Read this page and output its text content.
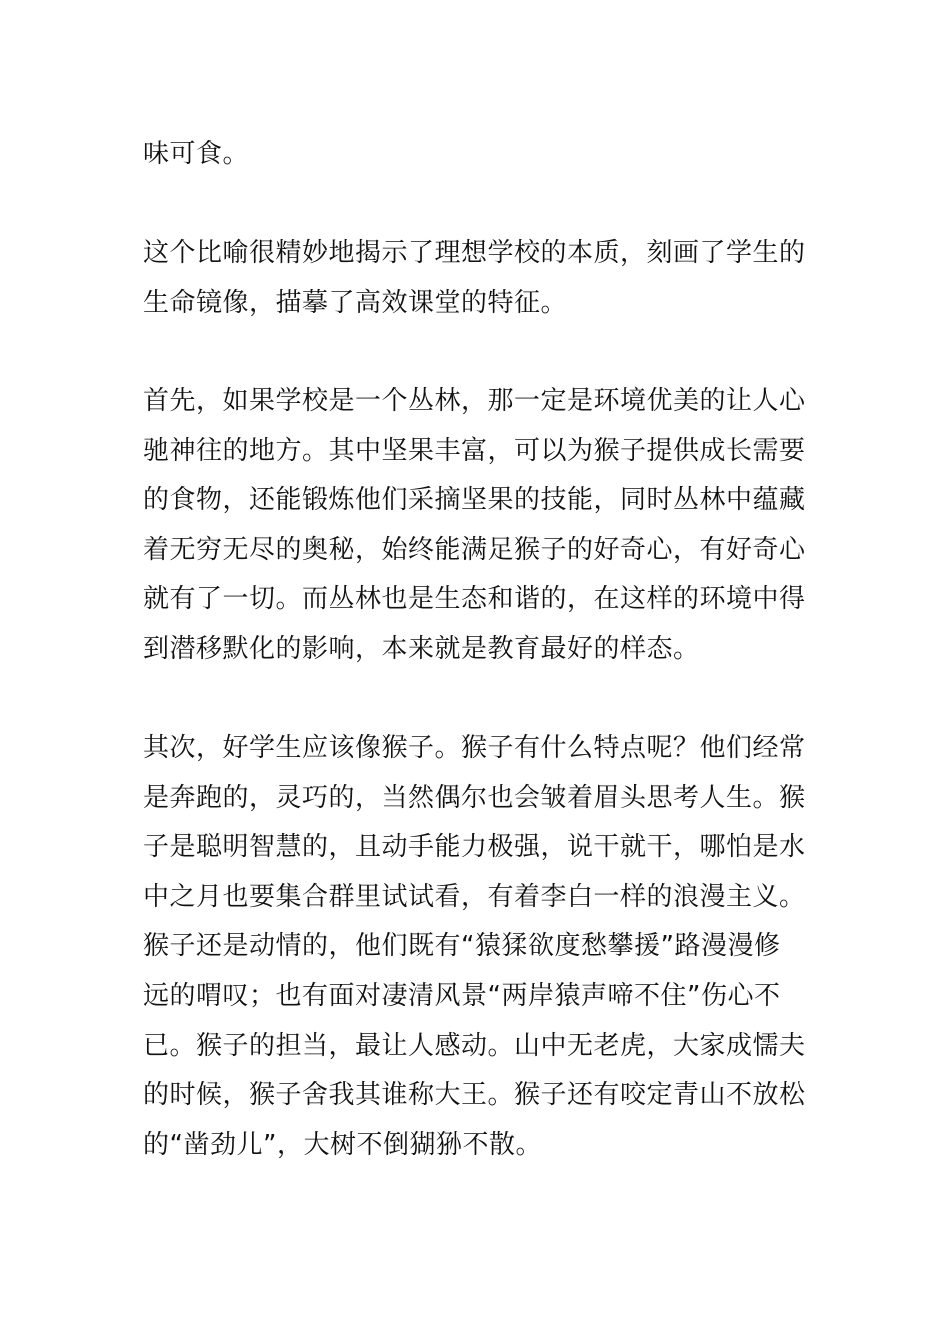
味可食。

这个比喻很精妙地揭示了理想学校的本质，刻画了学生的
生命镜像，描摹了高效课堂的特征。

首先，如果学校是一个丛林，那一定是环境优美的让人心
驰神往的地方。其中坚果丰富，可以为猴子提供成长需要
的食物，还能锻炼他们采摘坚果的技能，同时丛林中蕴藏
着无穷无尽的奥秘，始终能满足猴子的好奇心，有好奇心
就有了一切。而丛林也是生态和谐的，在这样的环境中得
到潜移默化的影响，本来就是教育最好的样态。

其次，好学生应该像猴子。猴子有什么特点呢？他们经常
是奔跑的，灵巧的，当然偶尔也会皱着眉头思考人生。猴
子是聪明智慧的，且动手能力极强，说干就干，哪怕是水
中之月也要集合群里试试看，有着李白一样的浪漫主义。
猴子还是动情的，他们既有“猿猱欲度愁攀援”路漫漫修
远的喟叹；也有面对凄清风景“两岸猿声啼不住”伤心不
已。猴子的担当，最让人感动。山中无老虎，大家成懦夫
的时候，猴子舍我其谁称大王。猴子还有咬定青山不放松
的“凿劲儿”，大树不倒猢狲不散。
